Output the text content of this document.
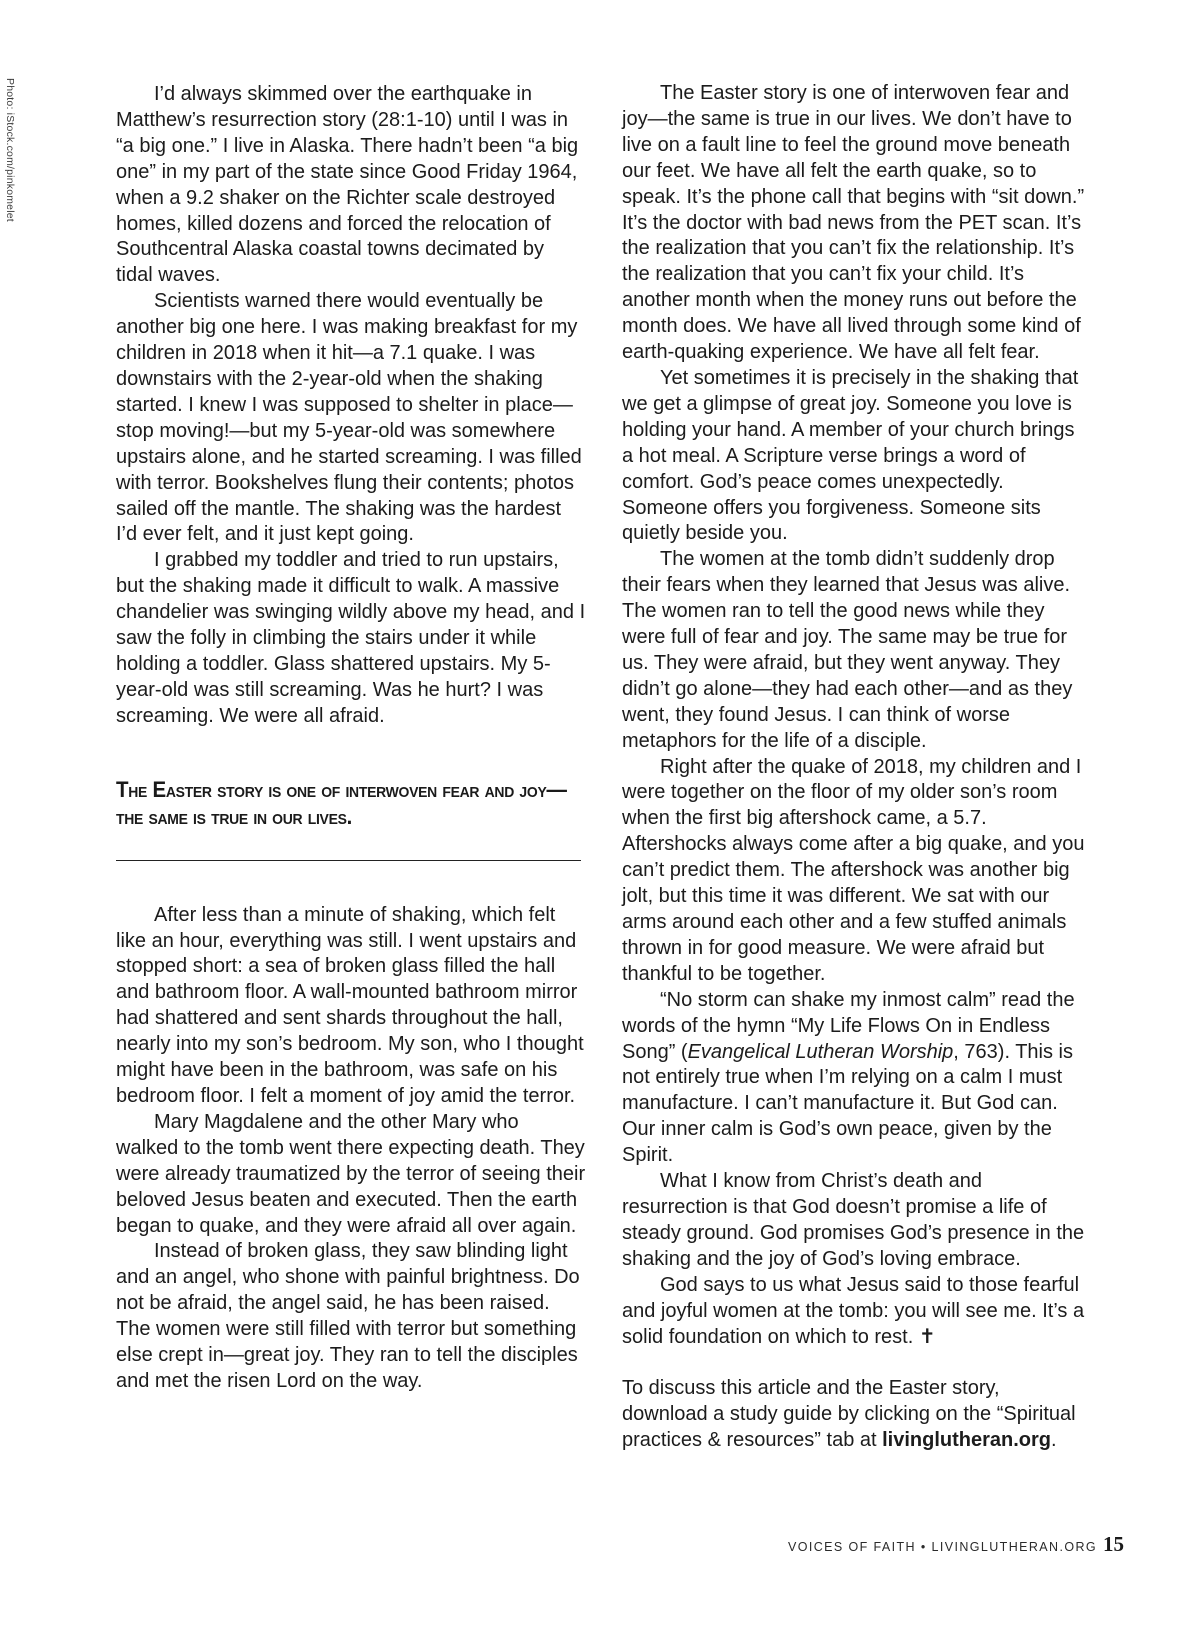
Photo: iStock.com/pinkomelet	I’d always skimmed over the earthquake in Matthew’s resurrection story (28:1-10) until I was in “a big one.” I live in Alaska. There hadn’t been “a big one” in my part of the state since Good Friday 1964, when a 9.2 shaker on the Richter scale destroyed homes, killed dozens and forced the relocation of Southcentral Alaska coastal towns decimated by tidal waves.

Scientists warned there would eventually be another big one here. I was making breakfast for my children in 2018 when it hit—a 7.1 quake. I was downstairs with the 2-year-old when the shaking started. I knew I was supposed to shelter in place—stop moving!—but my 5-year-old was somewhere upstairs alone, and he started screaming. I was filled with terror. Bookshelves flung their contents; photos sailed off the mantle. The shaking was the hardest I’d ever felt, and it just kept going.

I grabbed my toddler and tried to run upstairs, but the shaking made it difficult to walk. A massive chandelier was swinging wildly above my head, and I saw the folly in climbing the stairs under it while holding a toddler. Glass shattered upstairs. My 5-year-old was still screaming. Was he hurt? I was screaming. We were all afraid.

The Easter story is one of interwoven fear and joy—the same is true in our lives.

After less than a minute of shaking, which felt like an hour, everything was still. I went upstairs and stopped short: a sea of broken glass filled the hall and bathroom floor. A wall-mounted bathroom mirror had shattered and sent shards throughout the hall, nearly into my son’s bedroom. My son, who I thought might have been in the bathroom, was safe on his bedroom floor. I felt a moment of joy amid the terror.

Mary Magdalene and the other Mary who walked to the tomb went there expecting death. They were already traumatized by the terror of seeing their beloved Jesus beaten and executed. Then the earth began to quake, and they were afraid all over again.

Instead of broken glass, they saw blinding light and an angel, who shone with painful brightness. Do not be afraid, the angel said, he has been raised. The women were still filled with terror but something else crept in—great joy. They ran to tell the disciples and met the risen Lord on the way.

The Easter story is one of interwoven fear and joy—the same is true in our lives. We don’t have to live on a fault line to feel the ground move beneath our feet. We have all felt the earth quake, so to speak. It’s the phone call that begins with “sit down.” It’s the doctor with bad news from the PET scan. It’s the realization that you can’t fix the relationship. It’s the realization that you can’t fix your child. It’s another month when the money runs out before the month does. We have all lived through some kind of earth-quaking experience. We have all felt fear.

Yet sometimes it is precisely in the shaking that we get a glimpse of great joy. Someone you love is holding your hand. A member of your church brings a hot meal. A Scripture verse brings a word of comfort. God’s peace comes unexpectedly. Someone offers you forgiveness. Someone sits quietly beside you.

The women at the tomb didn’t suddenly drop their fears when they learned that Jesus was alive. The women ran to tell the good news while they were full of fear and joy. The same may be true for us. They were afraid, but they went anyway. They didn’t go alone—they had each other—and as they went, they found Jesus. I can think of worse metaphors for the life of a disciple.

Right after the quake of 2018, my children and I were together on the floor of my older son’s room when the first big aftershock came, a 5.7. Aftershocks always come after a big quake, and you can’t predict them. The aftershock was another big jolt, but this time it was different. We sat with our arms around each other and a few stuffed animals thrown in for good measure. We were afraid but thankful to be together.

“No storm can shake my inmost calm” read the words of the hymn “My Life Flows On in Endless Song” (Evangelical Lutheran Worship, 763). This is not entirely true when I’m relying on a calm I must manufacture. I can’t manufacture it. But God can. Our inner calm is God’s own peace, given by the Spirit.

What I know from Christ’s death and resurrection is that God doesn’t promise a life of steady ground. God promises God’s presence in the shaking and the joy of God’s loving embrace.

God says to us what Jesus said to those fearful and joyful women at the tomb: you will see me. It’s a solid foundation on which to rest. ✝

To discuss this article and the Easter story, download a study guide by clicking on the “Spiritual practices & resources” tab at livinglutheran.org.

VOICES OF FAITH • LIVINGLUTHERAN.ORG 15
